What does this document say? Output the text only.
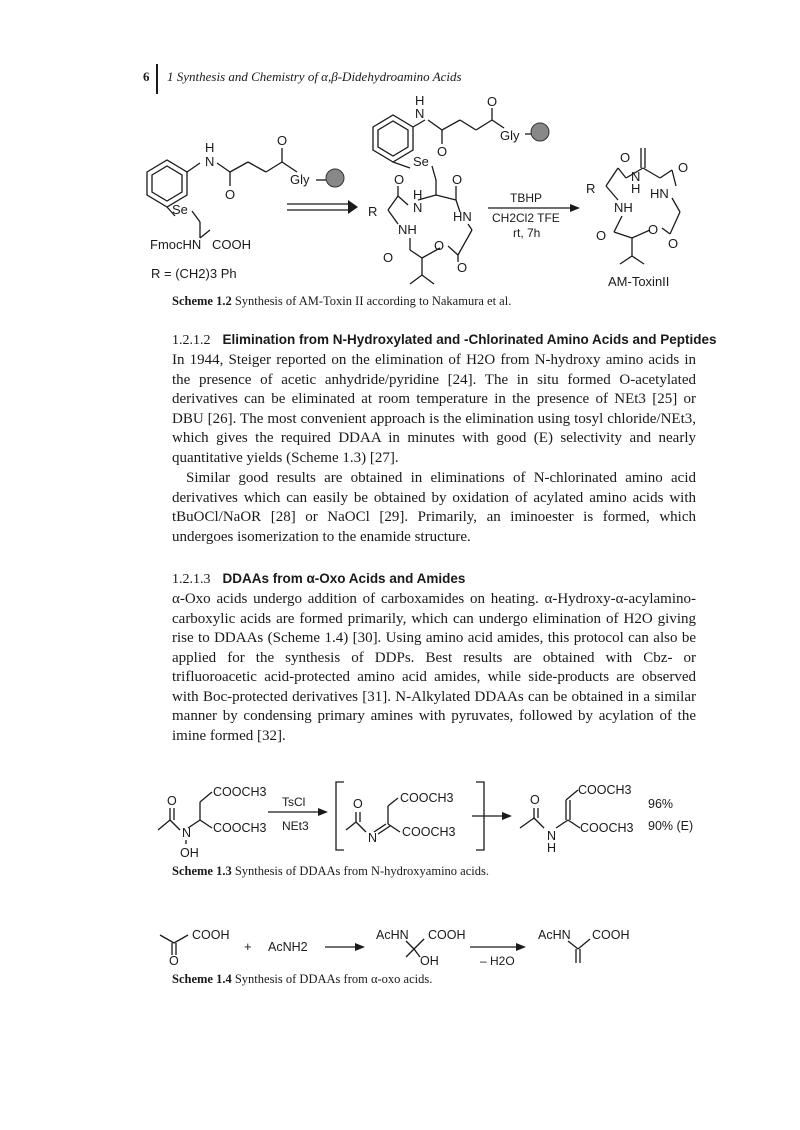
6 1 Synthesis and Chemistry of α,β-Didehydroamino Acids
N
H
O
O
Gly
Se
FmocHN COOH
R = (CH2)3 Ph
N
H
O
O
Gly
Se
N
H
O
R
NH
O
O
O
O
HN
TBHP
CH2Cl2 TFE
rt, 7h
O
O
N
H HN
R
NH
O	O
O
AM-ToxinII
Scheme 1.2 Synthesis of AM-Toxin II according to Nakamura et al.
1.2.1.2 Elimination from N-Hydroxylated and -Chlorinated Amino Acids and Peptides

In 1944, Steiger reported on the elimination of H2O from N-hydroxy amino acids in the presence of acetic anhydride/pyridine [24]. The in situ formed O-acetylated derivatives can be eliminated at room temperature in the presence of NEt3 [25] or DBU [26]. The most convenient approach is the elimination using tosyl chloride/NEt3, which gives the required DDAA in minutes with good (E) selectivity and nearly quantitative yields (Scheme 1.3) [27].

Similar good results are obtained in eliminations of N-chlorinated amino acid derivatives which can easily be obtained by oxidation of acylated amino acids with tBuOCl/NaOR [28] or NaOCl [29]. Primarily, an iminoester is formed, which undergoes isomerization to the enamide structure.

1.2.1.3 DDAAs from α-Oxo Acids and Amides

α-Oxo acids undergo addition of carboxamides on heating. α-Hydroxy-α-acylamino-carboxylic acids are formed primarily, which can undergo elimination of H2O giving rise to DDAAs (Scheme 1.4) [30]. Using amino acid amides, this protocol can also be applied for the synthesis of DDPs. Best results are obtained with Cbz- or trifluoroacetic acid-protected amino acid amides, while side-products are observed with Boc-protected derivatives [31]. N-Alkylated DDAAs can be obtained in a similar manner by condensing primary amines with pyruvates, followed by acylation of the imine formed [32].

COOCH3
COOCH3
N
OH
O	TsCl
NEt3
COOCH3
COOCH3
N
O
COOCH3
COOCH3
N
H
O	96%
90% (E)
Scheme 1.3 Synthesis of DDAAs from N-hydroxyamino acids.
COOH
O
+ AcNH2
AcHN COOH
OH	– H2O
AcHN COOH
Scheme 1.4 Synthesis of DDAAs from α-oxo acids.
